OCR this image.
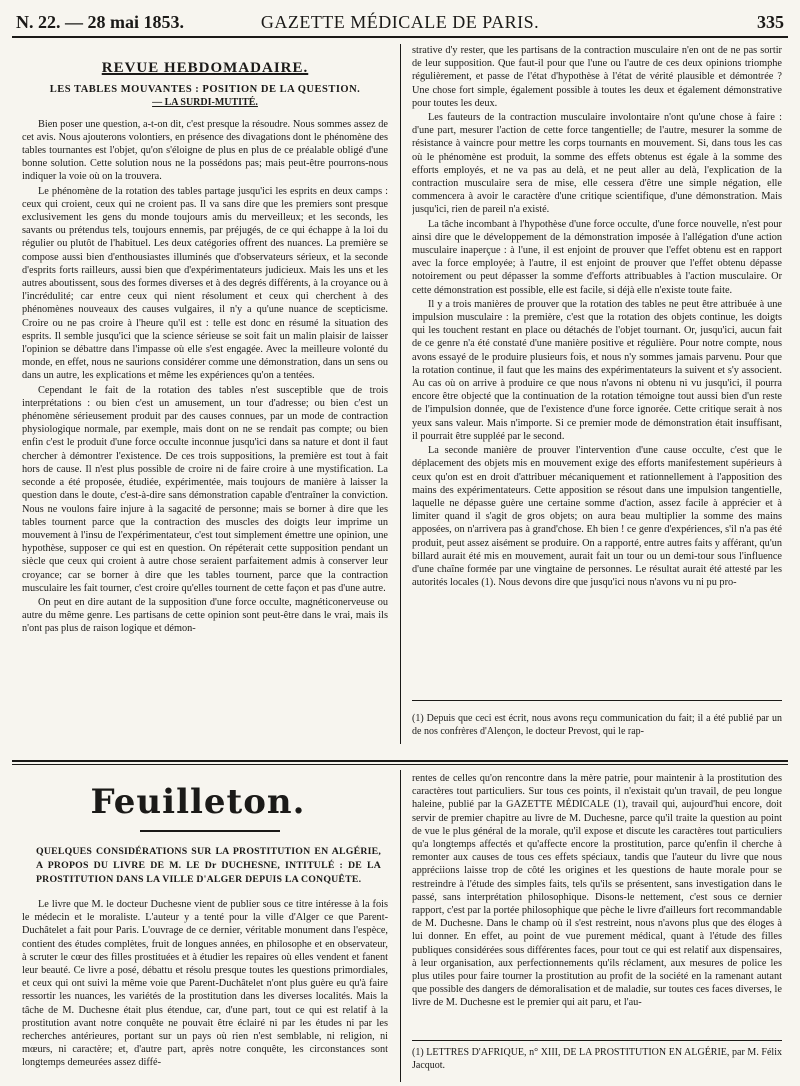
N. 22. — 28 mai 1853.	GAZETTE MÉDICALE DE PARIS.	335
REVUE HEBDOMADAIRE.
LES TABLES MOUVANTES : POSITION DE LA QUESTION.
— LA SURDI-MUTITÉ.

Bien poser une question, a-t-on dit, c'est presque la résoudre. Nous sommes assez de cet avis. Nous ajouterons volontiers, en présence des divagations dont le phénomène des tables tournantes est l'objet, qu'on s'éloigne de plus en plus de ce préalable obligé d'une bonne solution. Cette solution nous ne la possédons pas; mais peut-être pourrons-nous indiquer la voie où on la trouvera.

Le phénomène de la rotation des tables partage jusqu'ici les esprits en deux camps : ceux qui croient, ceux qui ne croient pas. Il va sans dire que les premiers sont presque exclusivement les gens du monde toujours amis du merveilleux; et les seconds, les savants ou prétendus tels, toujours ennemis, par préjugés, de ce qui échappe à la loi du régulier ou plutôt de l'habituel. Les deux catégories offrent des nuances. La première se compose aussi bien d'enthousiastes illuminés que d'observateurs sérieux, et la seconde d'esprits forts railleurs, aussi bien que d'expérimentateurs judicieux. Mais les uns et les autres aboutissent, sous des formes diverses et à des degrés différents, à la croyance ou à l'incrédulité; car entre ceux qui nient résolument et ceux qui cherchent à des phénomènes nouveaux des causes vulgaires, il n'y a qu'une nuance de scepticisme. Croire ou ne pas croire à l'heure qu'il est : telle est donc en résumé la situation des esprits. Il semble jusqu'ici que la science sérieuse se soit fait un malin plaisir de laisser l'opinion se débattre dans l'impasse où elle s'est engagée. Avec la meilleure volonté du monde, en effet, nous ne saurions considérer comme une démonstration, dans un sens ou dans un autre, les explications et même les expériences qu'on a tentées.

Cependant le fait de la rotation des tables n'est susceptible que de trois interprétations : ou bien c'est un amusement, un tour d'adresse; ou bien c'est un phénomène sérieusement produit par des causes connues, par un mode de contraction physiologique normale, par exemple, mais dont on ne se rendait pas compte; ou bien enfin c'est le produit d'une force occulte inconnue jusqu'ici dans sa nature et dont il faut chercher à démontrer l'existence. De ces trois suppositions, la première est tout à fait hors de cause. Il n'est plus possible de croire ni de faire croire à une mystification. La seconde a été proposée, étudiée, expérimentée, mais toujours de manière à laisser la question dans le doute, c'est-à-dire sans démonstration capable d'entraîner la conviction. Nous ne voulons faire injure à la sagacité de personne; mais se borner à dire que les tables tournent parce que la contraction des muscles des doigts leur imprime un mouvement à l'insu de l'expérimentateur, c'est tout simplement émettre une opinion, une hypothèse, supposer ce qui est en question. On répéterait cette supposition pendant un siècle que ceux qui croient à autre chose seraient parfaitement admis à conserver leur croyance; car se borner à dire que les tables tournent, parce que la contraction musculaire les fait tourner, c'est croire qu'elles tournent de cette façon et pas d'une autre.

On peut en dire autant de la supposition d'une force occulte, magnéticonerveuse ou autre du même genre. Les partisans de cette opinion sont peut-être dans le vrai, mais ils n'ont pas plus de raison logique et démon-

strative d'y rester, que les partisans de la contraction musculaire n'en ont de ne pas sortir de leur supposition. Que faut-il pour que l'une ou l'autre de ces deux opinions triomphe régulièrement, et passe de l'état d'hypothèse à l'état de vérité plausible et démontrée ? Une chose fort simple, également possible à toutes les deux et également démonstrative pour toutes les deux.

Les fauteurs de la contraction musculaire involontaire n'ont qu'une chose à faire : d'une part, mesurer l'action de cette force tangentielle; de l'autre, mesurer la somme de résistance à vaincre pour mettre les corps tournants en mouvement. Si, dans tous les cas où le phénomène est produit, la somme des effets obtenus est égale à la somme des efforts employés, et ne va pas au delà, et ne peut aller au delà, l'explication de la contraction musculaire sera de mise, elle cessera d'être une simple négation, elle commencera à avoir le caractère d'une critique scientifique, d'une démonstration. Mais jusqu'ici, rien de pareil n'a existé.

La tâche incombant à l'hypothèse d'une force occulte, d'une force nouvelle, n'est pour ainsi dire que le développement de la démonstration imposée à l'allégation d'une action musculaire inaperçue : à l'une, il est enjoint de prouver que l'effet obtenu est en rapport avec la force employée; à l'autre, il est enjoint de prouver que l'effet obtenu dépasse notoirement ou peut dépasser la somme d'efforts attribuables à l'action musculaire. Or cette démonstration est possible, elle est facile, si déjà elle n'existe toute faite.

Il y a trois manières de prouver que la rotation des tables ne peut être attribuée à une impulsion musculaire : la première, c'est que la rotation des objets continue, les doigts qui les touchent restant en place ou détachés de l'objet tournant. Or, jusqu'ici, aucun fait de ce genre n'a été constaté d'une manière positive et régulière. Pour notre compte, nous avons essayé de le produire plusieurs fois, et nous n'y sommes jamais parvenu. Pour que la rotation continue, il faut que les mains des expérimentateurs la suivent et s'y associent. Au cas où on arrive à produire ce que nous n'avons ni obtenu ni vu jusqu'ici, il pourra encore être objecté que la continuation de la rotation témoigne tout aussi bien d'un reste de l'impulsion donnée, que de l'existence d'une force ignorée. Cette critique serait à nos yeux sans valeur. Mais n'importe. Si ce premier mode de démonstration était insuffisant, il pourrait être suppléé par le second.

La seconde manière de prouver l'intervention d'une cause occulte, c'est que le déplacement des objets mis en mouvement exige des efforts manifestement supérieurs à ceux qu'on est en droit d'attribuer mécaniquement et rationnellement à l'apposition des mains des expérimentateurs. Cette apposition se résout dans une impulsion tangentielle, laquelle ne dépasse guère une certaine somme d'action, assez facile à apprécier et à limiter quand il s'agit de gros objets; on aura beau multiplier la somme des mains apposées, on n'arrivera pas à grand'chose. Eh bien ! ce genre d'expériences, s'il n'a pas été produit, peut assez aisément se produire. On a rapporté, entre autres faits y afférant, qu'un billard aurait été mis en mouvement, aurait fait un tour ou un demi-tour sous l'influence d'une chaîne formée par une vingtaine de personnes. Le résultat aurait été attesté par les autorités locales (1). Nous devons dire que jusqu'ici nous n'avons vu ni pu pro-

(1) Depuis que ceci est écrit, nous avons reçu communication du fait; il a été publié par un de nos confrères d'Alençon, le docteur Prevost, qui le rap-
Feuilleton.
QUELQUES CONSIDÉRATIONS SUR LA PROSTITUTION EN ALGÉRIE, A PROPOS DU LIVRE DE M. LE Dr DUCHESNE, INTITULÉ : DE LA PROSTITUTION DANS LA VILLE D'ALGER DEPUIS LA CONQUÊTE.

Le livre que M. le docteur Duchesne vient de publier sous ce titre intéresse à la fois le médecin et le moraliste. L'auteur y a tenté pour la ville d'Alger ce que Parent-Duchâtelet a fait pour Paris. L'ouvrage de ce dernier, véritable monument dans l'espèce, contient des études complètes, fruit de longues années, en philosophe et en observateur, à scruter le cœur des filles prostituées et à étudier les repaires où elles vendent et fanent leur beauté. Ce livre a posé, débattu et résolu presque toutes les questions primordiales, et ceux qui ont suivi la même voie que Parent-Duchâtelet n'ont plus guère eu qu'à faire ressortir les nuances, les variétés de la prostitution dans les diverses localités. Mais la tâche de M. Duchesne était plus étendue, car, d'une part, tout ce qui est relatif à la prostitution avant notre conquête ne pouvait être éclairé ni par les études ni par les recherches antérieures, portant sur un pays où rien n'est semblable, ni religion, ni mœurs, ni caractère; et, d'autre part, après notre conquête, les circonstances sont longtemps demeurées assez diffé-

rentes de celles qu'on rencontre dans la mère patrie, pour maintenir à la prostitution des caractères tout particuliers. Sur tous ces points, il n'existait qu'un travail, de peu longue haleine, publié par la GAZETTE MÉDICALE (1), travail qui, aujourd'hui encore, doit servir de premier chapitre au livre de M. Duchesne, parce qu'il traite la question au point de vue le plus général de la morale, qu'il expose et discute les caractères tout particuliers qu'a longtemps affectés et qu'affecte encore la prostitution, parce qu'enfin il cherche à remonter aux causes de tous ces effets spéciaux, tandis que l'auteur du livre que nous appréciions laisse trop de côté les origines et les questions de haute morale pour se restreindre à l'étude des simples faits, tels qu'ils se présentent, sans investigation dans le passé, sans interprétation philosophique. Disons-le nettement, c'est sous ce dernier rapport, c'est par la portée philosophique que pèche le livre d'ailleurs fort recommandable de M. Duchesne. Dans le champ où il s'est restreint, nous n'avons plus que des éloges à lui donner. En effet, au point de vue purement médical, quant à l'étude des filles publiques considérées sous différentes faces, pour tout ce qui est relatif aux dispensaires, à leur organisation, aux perfectionnements qu'ils réclament, aux mesures de police les plus utiles pour faire tourner la prostitution au profit de la société en la ramenant autant que possible des dangers de démoralisation et de maladie, sur toutes ces faces diverses, le livre de M. Duchesne est le premier qui ait paru, et l'au-

(1) LETTRES D'AFRIQUE, n° XIII, DE LA PROSTITUTION EN ALGÉRIE, par M. Félix Jacquot.
